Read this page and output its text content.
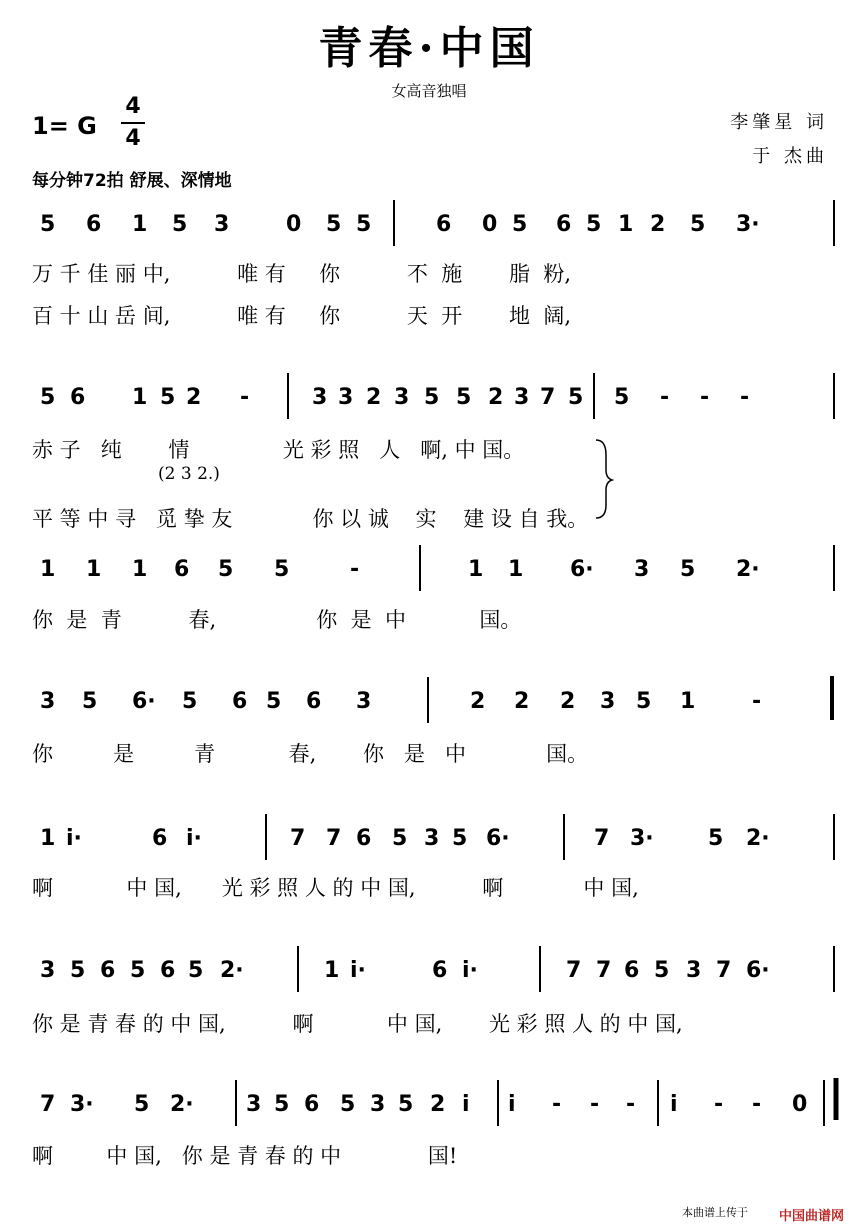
青春·中国
女高音独唱
1= G
4
4
李肇星 词
于 杰曲
每分钟72拍 舒展、深情地
5 6 1 5 3	0 5 5	6 0 5 6 5 1 2 5 3·
万 千 佳 丽 中,          唯 有     你          不  施       脂  粉,
百 十 山 岳 间,          唯 有     你          天  开       地  阔,
5 6 1 5 2 -	3 3 2 3 5 5 2 3 7 5 5 - - -
赤 子   纯       情              光 彩 照   人   啊, 中 国。
平 等 中 寻   觅 挚 友            你 以 诚    实    建 设 自 我。
(2 3 2.)
1 1 1 6 5 5	-	1 1 6· 3 5 2·
你  是  青          春,               你  是  中           国。
3 5 6· 5 6 5 6 3	2 2 2 3 5 1	-
你         是         青           春,       你   是   中            国。
1 i·	6 i·	7 7 6 5 3 5 6·	7 3· 5 2·
啊           中 国,      光 彩 照 人 的 中 国,          啊            中 国,
3 5 6 5 6 5 2·	1 i·	6 i·	7 7 6 5 3 7 6·
你 是 青 春 的 中 国,          啊           中 国,       光 彩 照 人 的 中 国,
7 3· 5 2· 3 5 6 5 3 5 2 i i - - - i - - 0
啊        中 国,   你 是 青 春 的 中             国!
本曲谱上传于 中国曲谱网
